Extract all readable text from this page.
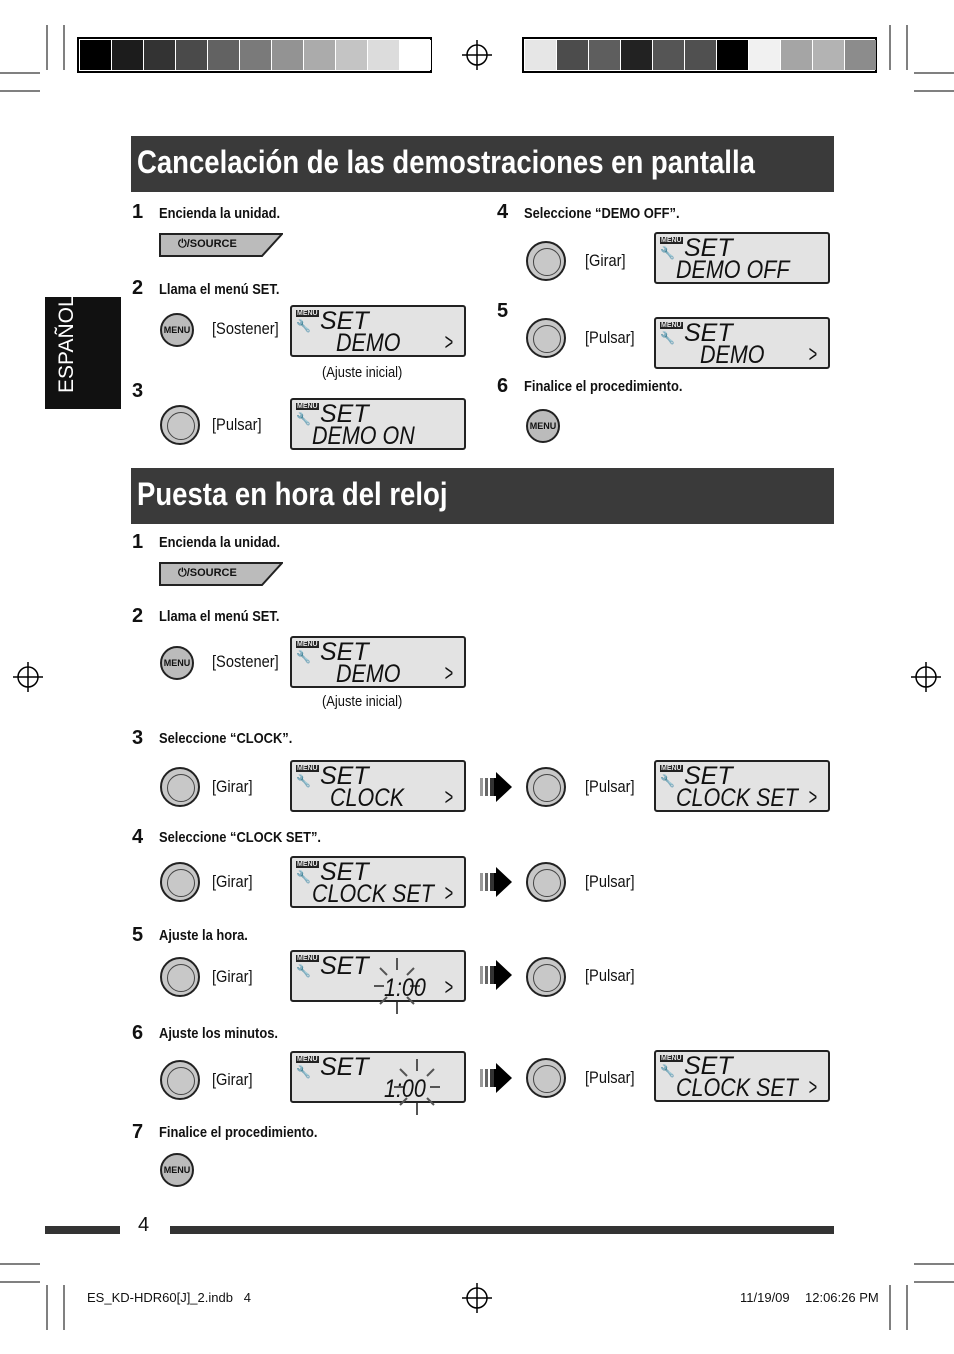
ESPAÑOL
Cancelación de las demostraciones en pantalla
1 Encienda la unidad.
⏻/SOURCE
2 Llama el menú SET.
MENU [Sostener]
MENU
🔧 SET
DEMO >
(Ajuste inicial)
3
[Pulsar]
MENU
🔧 SET
DEMO ON
4 Seleccione “DEMO OFF”.
[Girar]
MENU
🔧 SET
DEMO OFF
5
[Pulsar]
MENU
🔧 SET
DEMO >
6 Finalice el procedimiento.
MENU
Puesta en hora del reloj
1 Encienda la unidad.
⏻/SOURCE
2 Llama el menú SET.
MENU [Sostener]
MENU
🔧 SET
DEMO >
(Ajuste inicial)
3 Seleccione “CLOCK”.
[Girar]
MENU
🔧 SET
CLOCK >	[Pulsar]
MENU
🔧 SET
CLOCK SET >
4 Seleccione “CLOCK SET”.
[Girar]
MENU
🔧 SET
CLOCK SET >	[Pulsar]
5 Ajuste la hora.
[Girar]
MENU
🔧 SET
1:00 >	[Pulsar]
6 Ajuste los minutos.
[Girar]
MENU
🔧 SET
1:00	[Pulsar]
MENU
🔧 SET
CLOCK SET >
7 Finalice el procedimiento.
MENU
4
ES_KD-HDR60[J]_2.indb   4	11/19/09 12:06:26 PM
